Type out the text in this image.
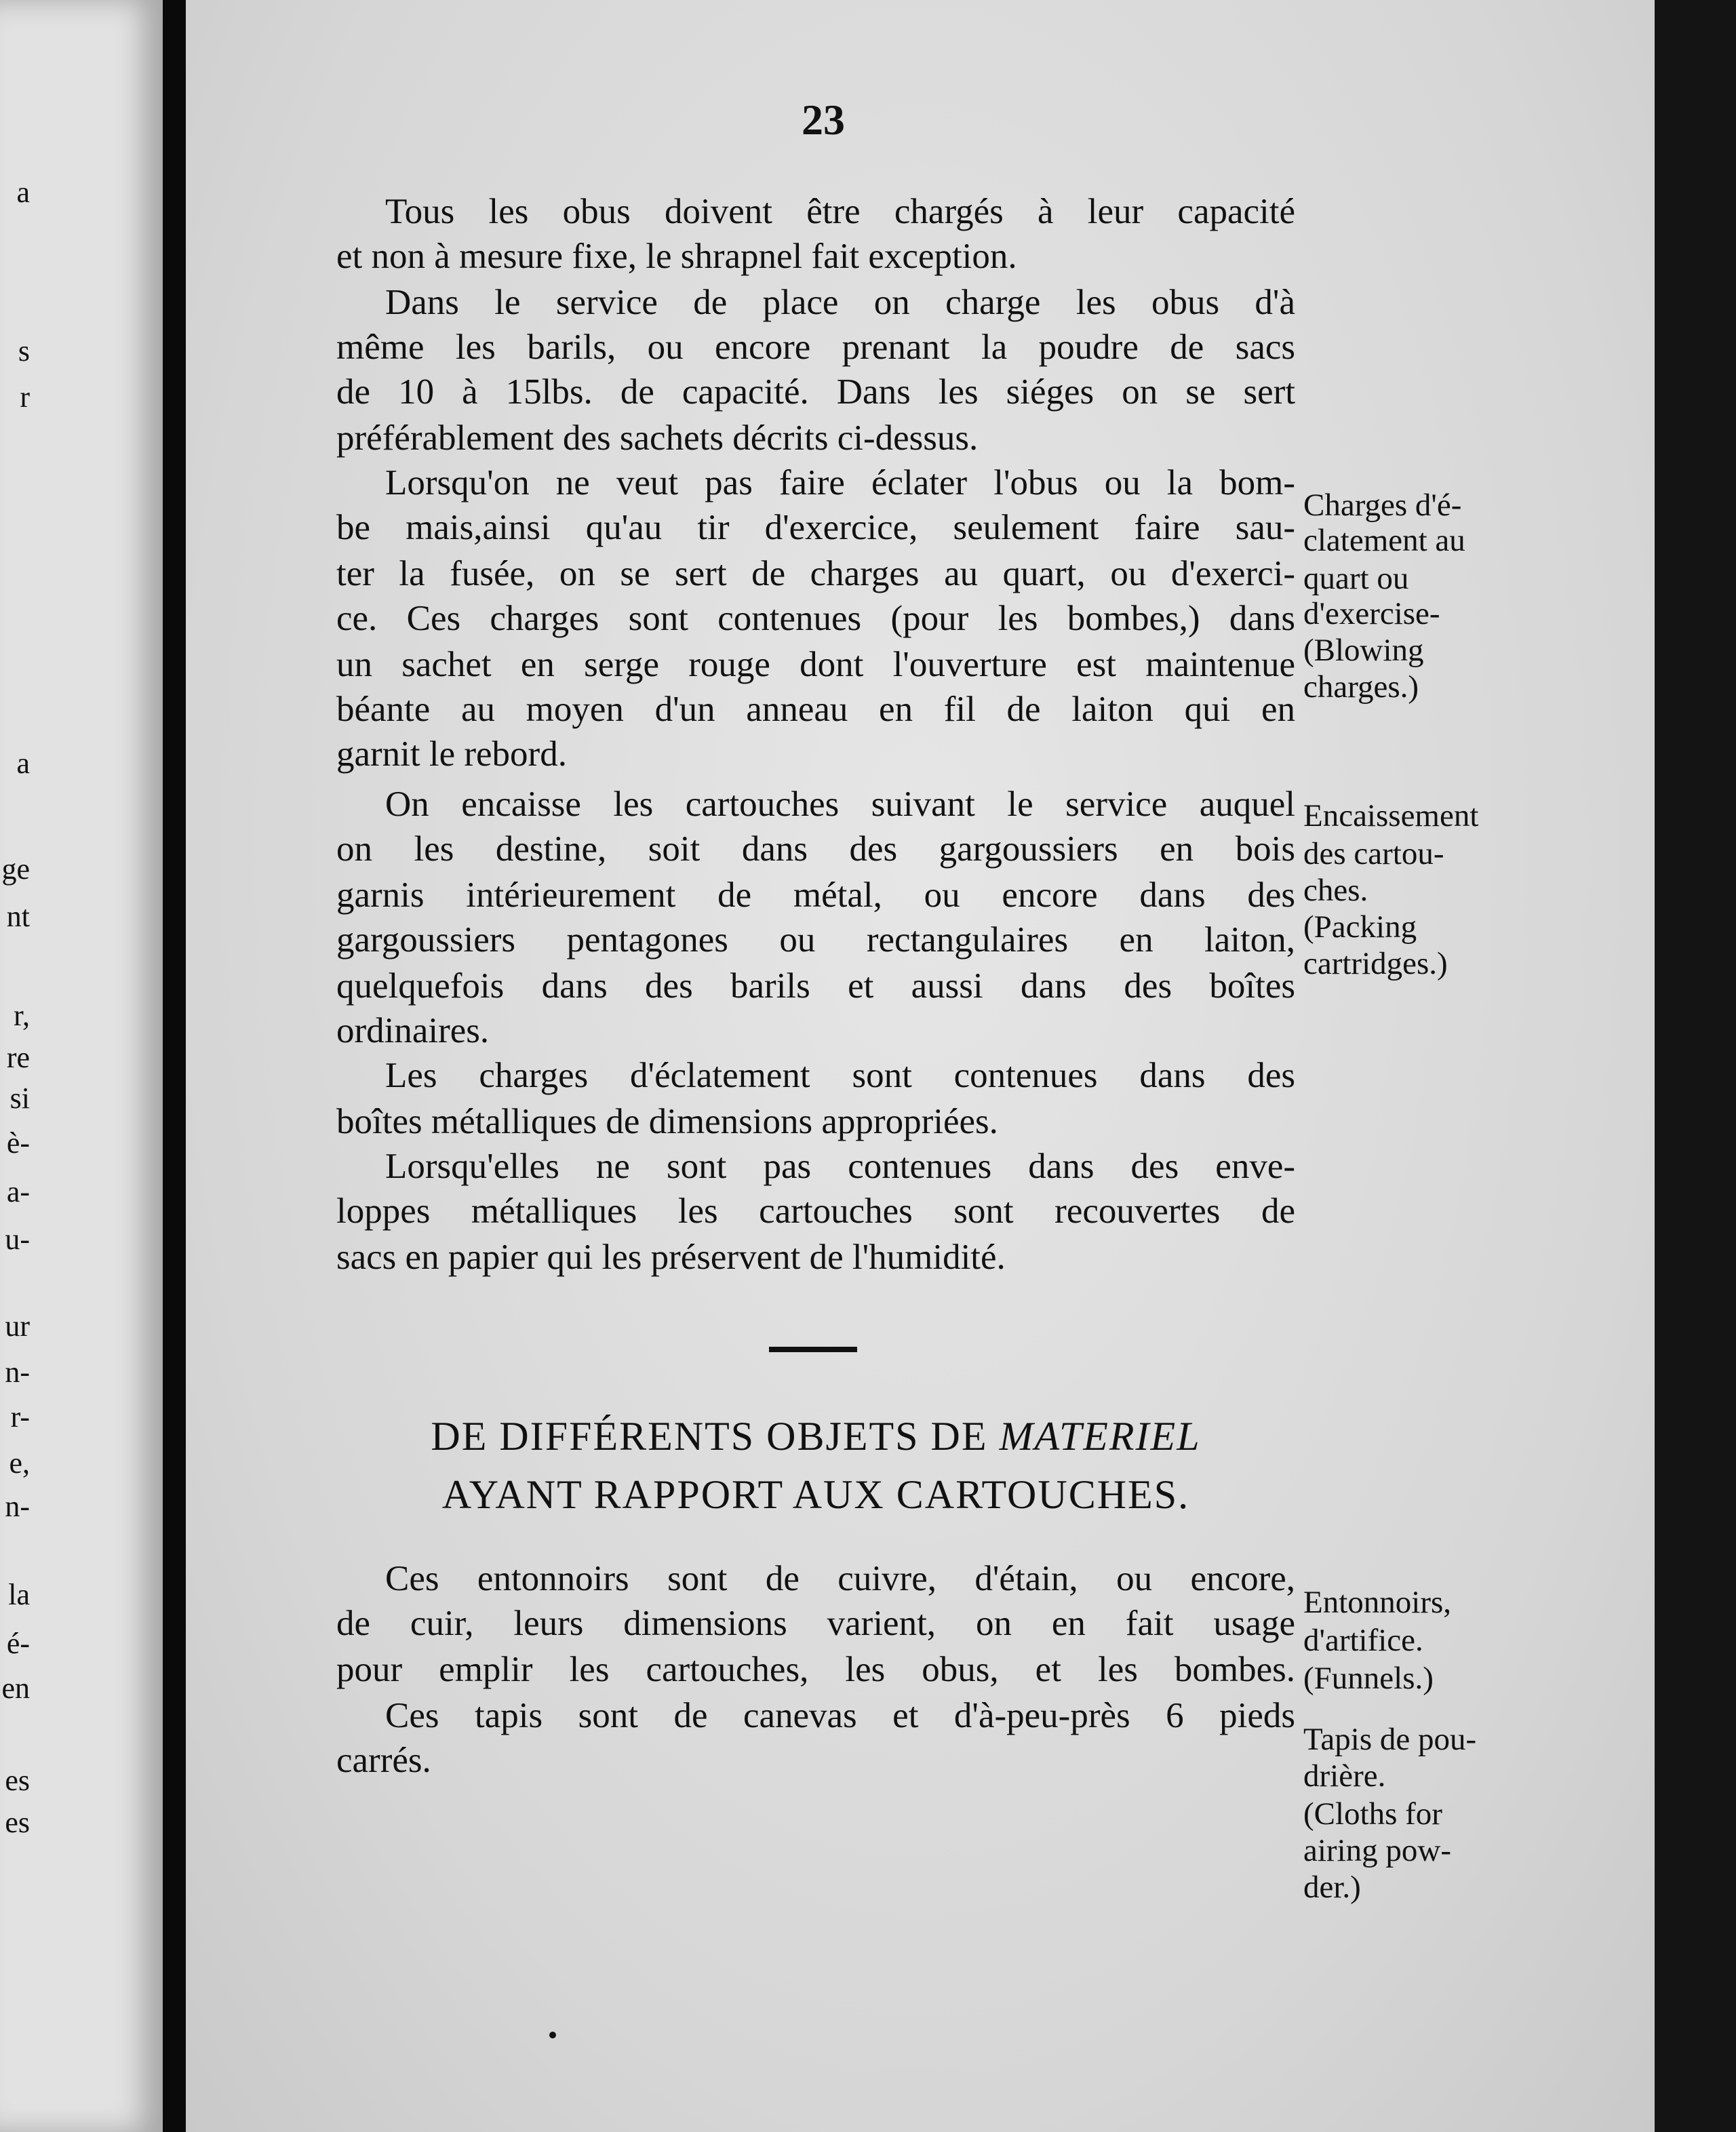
a
s
r
a
ge
nt
r,
re
si
è-
a-
u-
ur
n-
r-
e,
n-
la
é-
en
es
es
23
Tous les obus doivent être chargés à leur capacité
et non à mesure fixe, le shrapnel fait exception.
Dans le service de place on charge les obus d'à
même les barils, ou encore prenant la poudre de sacs
de 10 à 15lbs. de capacité. Dans les siéges on se sert
préférablement des sachets décrits ci-dessus.
Lorsqu'on ne veut pas faire éclater l'obus ou la bom-
be mais,ainsi qu'au tir d'exercice, seulement faire sau-
ter la fusée, on se sert de charges au quart, ou d'exerci-
ce. Ces charges sont contenues (pour les bombes,) dans
un sachet en serge rouge dont l'ouverture est maintenue
béante au moyen d'un anneau en fil de laiton qui en
garnit le rebord.
On encaisse les cartouches suivant le service auquel
on les destine, soit dans des gargoussiers en bois
garnis intérieurement de métal, ou encore dans des
gargoussiers pentagones ou rectangulaires en laiton,
quelquefois dans des barils et aussi dans des boîtes
ordinaires.
Les charges d'éclatement sont contenues dans des
boîtes métalliques de dimensions appropriées.
Lorsqu'elles ne sont pas contenues dans des enve-
loppes métalliques les cartouches sont recouvertes de
sacs en papier qui les préservent de l'humidité.
DE DIFFÉRENTS OBJETS DE MATERIEL
AYANT RAPPORT AUX CARTOUCHES.
Ces entonnoirs sont de cuivre, d'étain, ou encore,
de cuir, leurs dimensions varient, on en fait usage
pour emplir les cartouches, les obus, et les bombes.
Ces tapis sont de canevas et d'à-peu-près 6 pieds
carrés.
Charges d'é-
clatement au
quart ou
d'exercise-
(Blowing
charges.)
Encaissement
des cartou-
ches.
(Packing
cartridges.)
Entonnoirs,
d'artifice.
(Funnels.)
Tapis de pou-
drière.
(Cloths for
airing pow-
der.)
